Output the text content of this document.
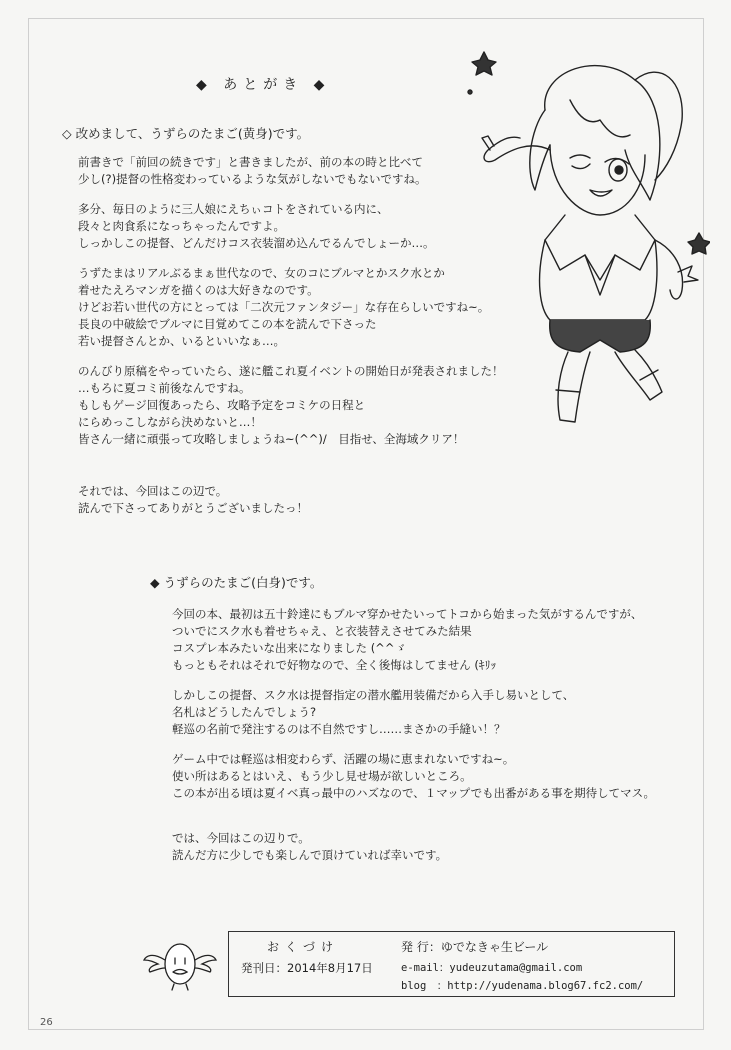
◆ あとがき ◆

◇ 改めまして、うずらのたまご(黄身)です。

前書きで「前回の続きです」と書きましたが、前の本の時と比べて
少し(?)提督の性格変わっているような気がしないでもないですね。

多分、毎日のように三人娘にえちぃコトをされている内に、
段々と肉食系になっちゃったんですよ。
しっかしこの提督、どんだけコス衣装溜め込んでるんでしょーか…。

うずたまはリアルぶるまぁ世代なので、女のコにブルマとかスク水とか
着せたえろマンガを描くのは大好きなのです。
けどお若い世代の方にとっては「二次元ファンタジー」な存在らしいですね~。
長良の中破絵でブルマに目覚めてこの本を読んで下さった
若い提督さんとか、いるといいなぁ…。

のんびり原稿をやっていたら、遂に艦これ夏イベントの開始日が発表されました！
…もろに夏コミ前後なんですね。
もしもゲージ回復あったら、攻略予定をコミケの日程と
にらめっこしながら決めないと…！
皆さん一緒に頑張って攻略しましょうね~(^^)/　目指せ、全海域クリア！

それでは、今回はこの辺で。
読んで下さってありがとうございましたっ！

◆ うずらのたまご(白身)です。

今回の本、最初は五十鈴達にもブルマ穿かせたいってトコから始まった気がするんですが、
ついでにスク水も着せちゃえ、と衣装替えさせてみた結果
コスプレ本みたいな出来になりました (^^ゞ
もっともそれはそれで好物なので、全く後悔はしてません (ｷﾘｯ

しかしこの提督、スク水は提督指定の潜水艦用装備だから入手し易いとして、
名札はどうしたんでしょう?
軽巡の名前で発注するのは不自然ですし……まさかの手縫い！？

ゲーム中では軽巡は相変わらず、活躍の場に恵まれないですね~。
使い所はあるとはいえ、もう少し見せ場が欲しいところ。
この本が出る頃は夏イベ真っ最中のハズなので、１マップでも出番がある事を期待してマス。

では、今回はこの辺りで。
読んだ方に少しでも楽しんで頂けていれば幸いです。
おくづけ	発 行：ゆでなきゃ生ビール
発刊日：2014年8月17日	e-mail：yudeuzutama@gmail.com
blog　：http://yudenama.blog67.fc2.com/
26
